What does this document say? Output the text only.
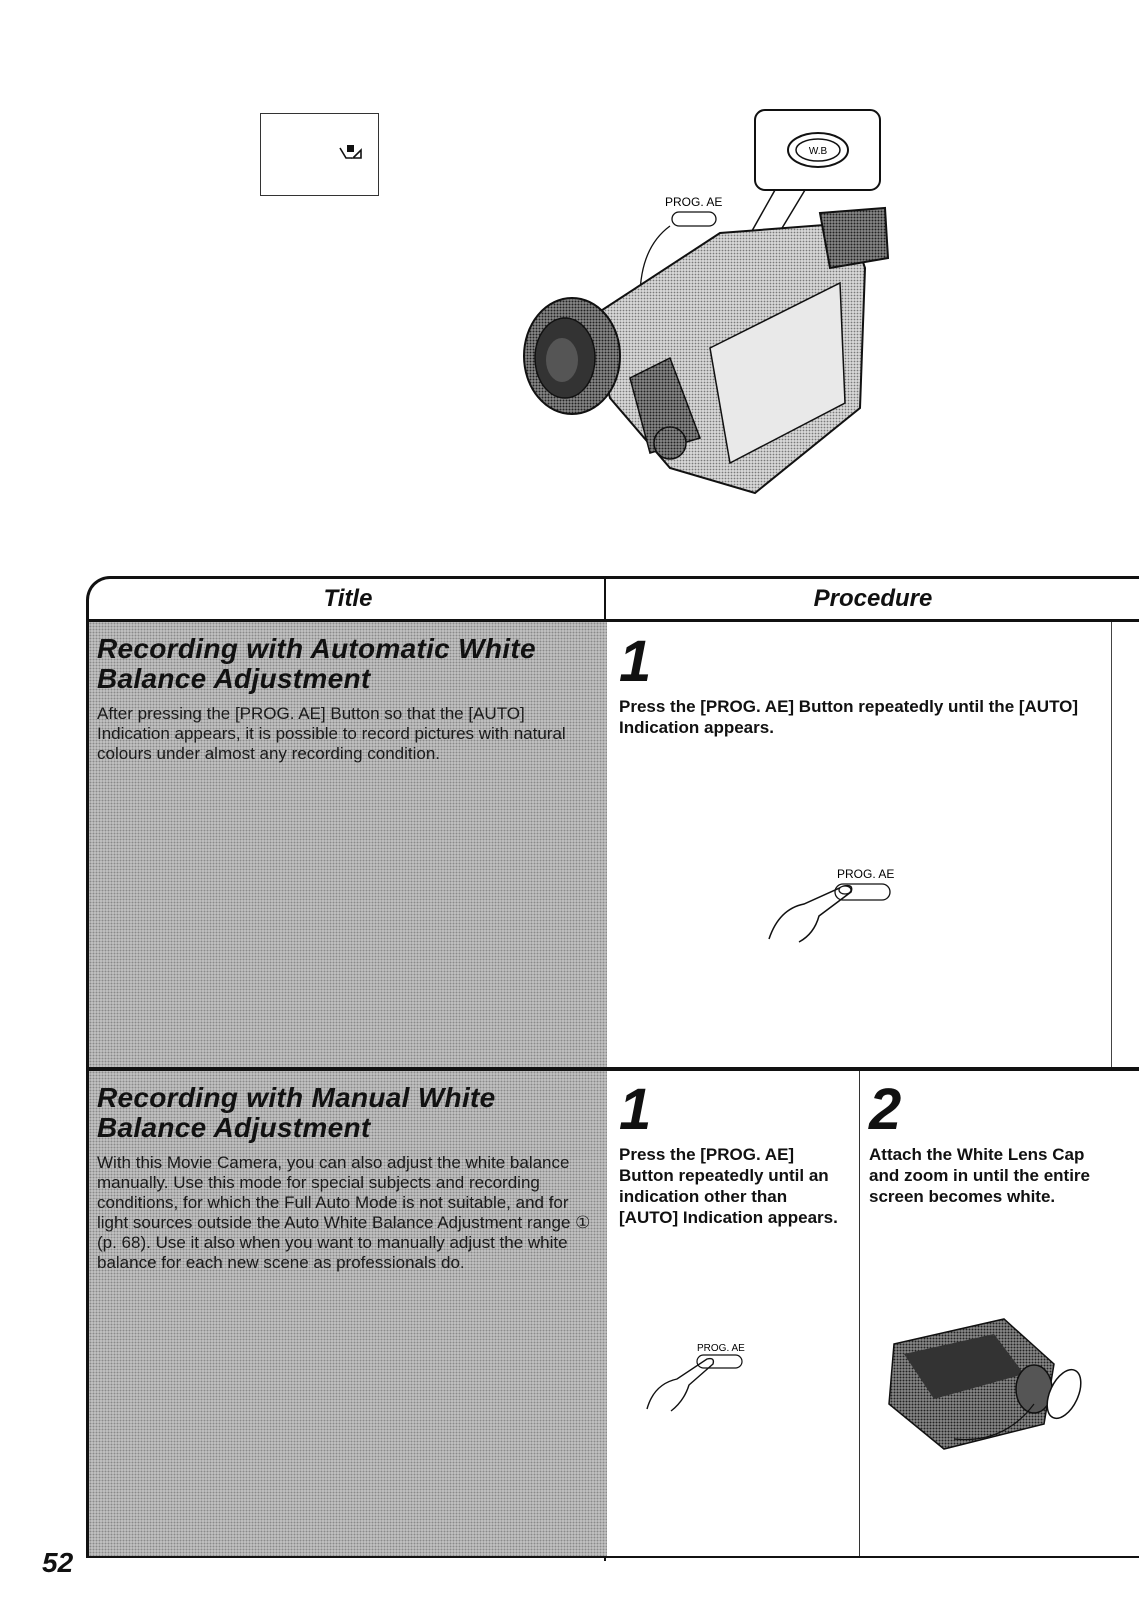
W.B
PROG. AE
Title	Procedure
Recording with Automatic White Balance Adjustment

After pressing the [PROG. AE] Button so that the [AUTO] Indication appears, it is possible to record pictures with natural colours under almost any recording condition.

1
Press the [PROG. AE] Button repeatedly until the [AUTO] Indication appears.
PROG. AE
Recording with Manual White Balance Adjustment

With this Movie Camera, you can also adjust the white balance manually. Use this mode for special subjects and recording conditions, for which the Full Auto Mode is not suitable, and for light sources outside the Auto White Balance Adjustment range ① (p. 68). Use it also when you want to manually adjust the white balance for each new scene as professionals do.

1
Press the [PROG. AE] Button repeatedly until an indication other than [AUTO] Indication appears.
PROG. AE
2
Attach the White Lens Cap and zoom in until the entire screen becomes white.
52
